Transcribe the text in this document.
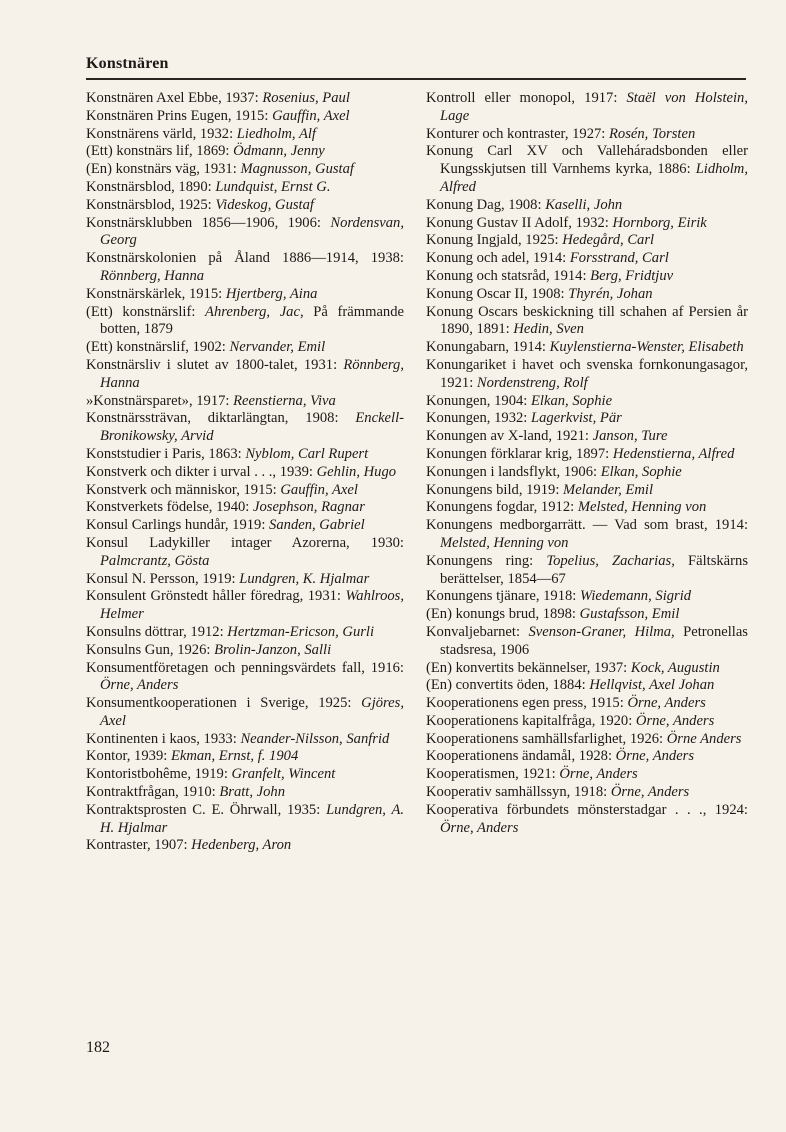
Konstnären

Konstnären Axel Ebbe, 1937: Rosenius, Paul

Konstnären Prins Eugen, 1915: Gauffin, Axel

Konstnärens värld, 1932: Liedholm, Alf

(Ett) konstnärs lif, 1869: Ödmann, Jenny

(En) konstnärs väg, 1931: Magnusson, Gustaf

Konstnärsblod, 1890: Lundquist, Ernst G.

Konstnärsblod, 1925: Videskog, Gustaf

Konstnärsklubben 1856—1906, 1906: Nordensvan, Georg

Konstnärskolonien på Åland 1886—1914, 1938: Rönnberg, Hanna

Konstnärskärlek, 1915: Hjertberg, Aina

(Ett) konstnärslif: Ahrenberg, Jac, På främmande botten, 1879

(Ett) konstnärslif, 1902: Nervander, Emil

Konstnärsliv i slutet av 1800-talet, 1931: Rönnberg, Hanna

»Konstnärsparet», 1917: Reenstierna, Viva

Konstnärssträvan, diktarlängtan, 1908: Enckell-Bronikowsky, Arvid

Konststudier i Paris, 1863: Nyblom, Carl Rupert

Konstverk och dikter i urval . . ., 1939: Gehlin, Hugo

Konstverk och människor, 1915: Gauffin, Axel

Konstverkets födelse, 1940: Josephson, Ragnar

Konsul Carlings hundår, 1919: Sanden, Gabriel

Konsul Ladykiller intager Azorerna, 1930: Palmcrantz, Gösta

Konsul N. Persson, 1919: Lundgren, K. Hjalmar

Konsulent Grönstedt håller föredrag, 1931: Wahlroos, Helmer

Konsulns döttrar, 1912: Hertzman-Ericson, Gurli

Konsulns Gun, 1926: Brolin-Janzon, Salli

Konsumentföretagen och penningsvärdets fall, 1916: Örne, Anders

Konsumentkooperationen i Sverige, 1925: Gjöres, Axel

Kontinenten i kaos, 1933: Neander-Nilsson, Sanfrid

Kontor, 1939: Ekman, Ernst, f. 1904

Kontoristbohême, 1919: Granfelt, Wincent

Kontraktfrågan, 1910: Bratt, John

Kontraktsprosten C. E. Öhrwall, 1935: Lundgren, A. H. Hjalmar

Kontraster, 1907: Hedenberg, Aron

Kontroll eller monopol, 1917: Staël von Holstein, Lage

Konturer och kontraster, 1927: Rosén, Torsten

Konung Carl XV och Valleháradsbonden eller Kungsskjutsen till Varnhems kyrka, 1886: Lidholm, Alfred

Konung Dag, 1908: Kaselli, John

Konung Gustav II Adolf, 1932: Hornborg, Eirik

Konung Ingjald, 1925: Hedegård, Carl

Konung och adel, 1914: Forsstrand, Carl

Konung och statsråd, 1914: Berg, Fridtjuv

Konung Oscar II, 1908: Thyrén, Johan

Konung Oscars beskickning till schahen af Persien år 1890, 1891: Hedin, Sven

Konungabarn, 1914: Kuylenstierna-Wenster, Elisabeth

Konungariket i havet och svenska fornkonungasagor, 1921: Nordenstreng, Rolf

Konungen, 1904: Elkan, Sophie

Konungen, 1932: Lagerkvist, Pär

Konungen av X-land, 1921: Janson, Ture

Konungen förklarar krig, 1897: Hedenstierna, Alfred

Konungen i landsflykt, 1906: Elkan, Sophie

Konungens bild, 1919: Melander, Emil

Konungens fogdar, 1912: Melsted, Henning von

Konungens medborgarrätt. — Vad som brast, 1914: Melsted, Henning von

Konungens ring: Topelius, Zacharias, Fältskärns berättelser, 1854—67

Konungens tjänare, 1918: Wiedemann, Sigrid

(En) konungs brud, 1898: Gustafsson, Emil

Konvaljebarnet: Svenson-Graner, Hilma, Petronellas stadsresa, 1906

(En) konvertits bekännelser, 1937: Kock, Augustin

(En) convertits öden, 1884: Hellqvist, Axel Johan

Kooperationens egen press, 1915: Örne, Anders

Kooperationens kapitalfråga, 1920: Örne, Anders

Kooperationens samhällsfarlighet, 1926: Örne Anders

Kooperationens ändamål, 1928: Örne, Anders

Kooperatismen, 1921: Örne, Anders

Kooperativ samhällssyn, 1918: Örne, Anders

Kooperativa förbundets mönsterstadgar . . ., 1924: Örne, Anders

182
